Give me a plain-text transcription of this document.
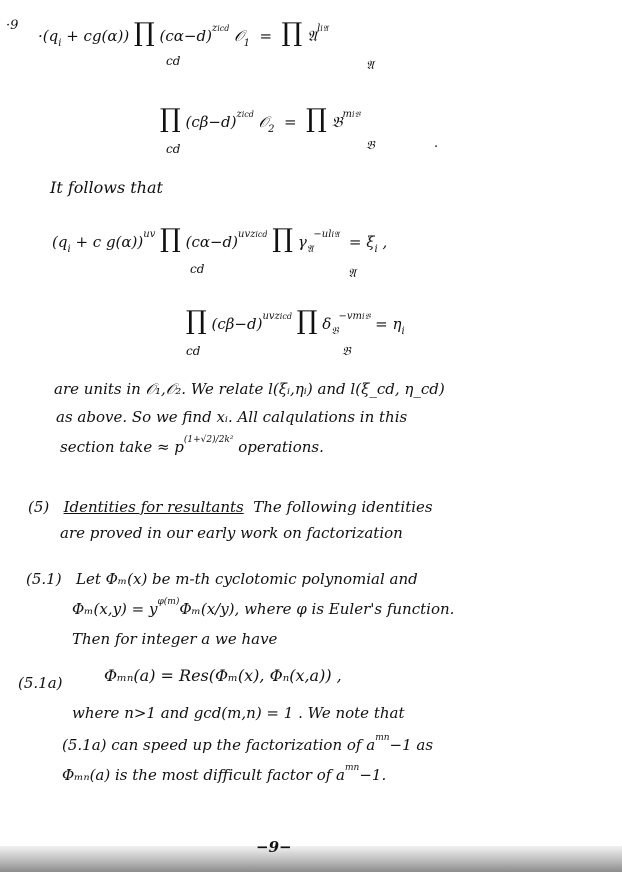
·9
$\cdot(q_i + cg(\alpha))$ ∏ $(c\alpha-d)^{zicd}$ 𝒪$_1$ = ∏ 𝔄$^{li𝔄}$
cd	𝔄
∏ $(c\beta-d)^{zicd}$ 𝒪$_2$ = ∏ 𝔅$^{mi𝔅}$
cd	𝔅	.
It follows that
($q_i + c$ g(α))$^{uv}$ ∏ $(c\alpha-d)^{uvzicd}$ ∏ $\gamma_𝔄^{-uli𝔄} = \xi_i$ ,
cd	𝔄
∏ $(c\beta-d)^{uvzicd}$ ∏ $\delta_𝔅^{-vmi𝔅} = \eta_i$
cd	𝔅
are units in 𝒪₁,𝒪₂. We relate l(ξᵢ,ηᵢ) and l(ξ_cd, η_cd)
as above. So we find xᵢ. All calqulations in this
section take ≈ $p^{(1+√2)/2k^2}$ operations.
(5) Identities for resultants The following identities
are proved in our early work on factorization
(5.1) Let Φₘ(x) be m-th cyclotomic polynomial and
$\Phi_m(x,y) = y^{\varphi(m)}\Phi_m(x/y)$, where φ is Euler's function.
Then for integer a we have
(5.1a)	Φₘₙ(a) = Res(Φₘ(x), Φₙ(x,a)) ,
where n>1 and gcd(m,n) = 1 . We note that
(5.1a) can speed up the factorization of $a^{mn}-1$ as
Φₘₙ(a) is the most difficult factor of $a^{mn}-1$.
−9−
